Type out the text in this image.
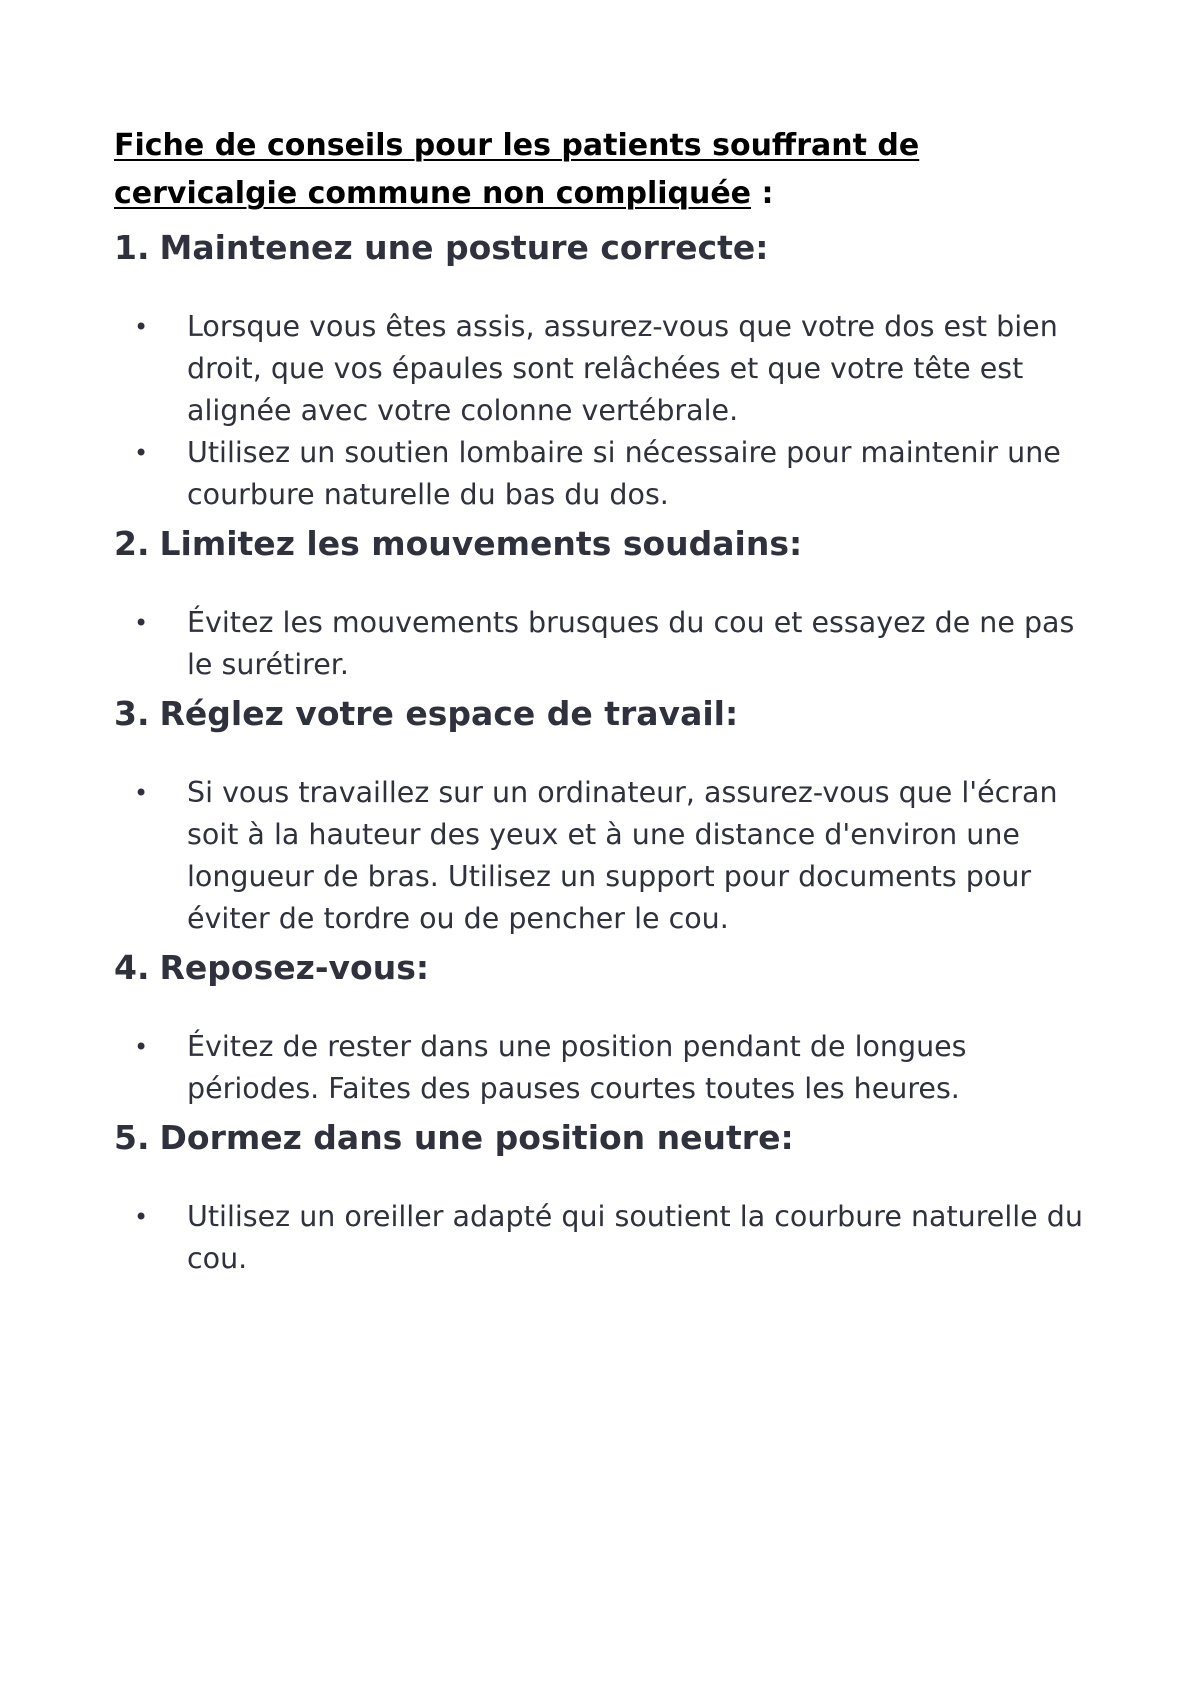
Fiche de conseils pour les patients souffrant de cervicalgie commune non compliquée :
1. Maintenez une posture correcte:
• Lorsque vous êtes assis, assurez-vous que votre dos est bien droit, que vos épaules sont relâchées et que votre tête est alignée avec votre colonne vertébrale.
• Utilisez un soutien lombaire si nécessaire pour maintenir une courbure naturelle du bas du dos.
2. Limitez les mouvements soudains:
• Évitez les mouvements brusques du cou et essayez de ne pas le surétirer.
3. Réglez votre espace de travail:
• Si vous travaillez sur un ordinateur, assurez-vous que l'écran soit à la hauteur des yeux et à une distance d'environ une longueur de bras. Utilisez un support pour documents pour éviter de tordre ou de pencher le cou.
4. Reposez-vous:
• Évitez de rester dans une position pendant de longues périodes. Faites des pauses courtes toutes les heures.
5. Dormez dans une position neutre:
• Utilisez un oreiller adapté qui soutient la courbure naturelle du cou.
